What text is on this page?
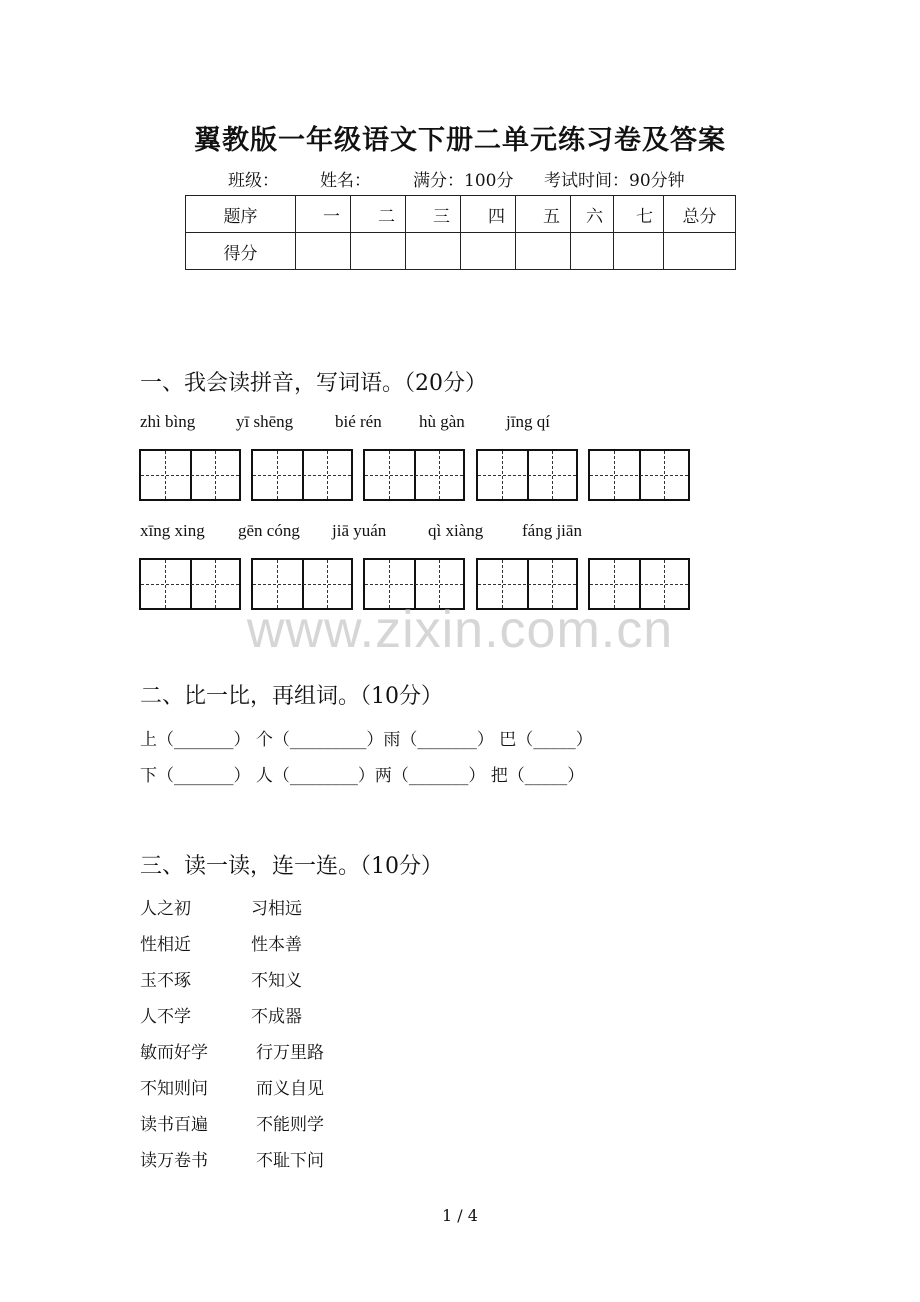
翼教版一年级语文下册二单元练习卷及答案
班级： 姓名： 满分：100分 考试时间：90分钟
题序	一	二	三	四	五	六	七	总分
得分								
一、我会读拼音，写词语。（20分）
zhì bìng yī shēng bié rén hù gàn jīng qí
xīng xing gēn cóng jiā yuán qì xiàng fáng jiān
www.zixin.com.cn
二、比一比，再组词。（10分）
上（_______） 个（_________）雨（_______） 巴（_____）
下（_______） 人（________）两（_______） 把（_____）
三、读一读，连一连。（10分）
人之初	习相远
性相近	性本善
玉不琢	不知义
人不学	不成器
敏而好学	行万里路
不知则问	而义自见
读书百遍	不能则学
读万卷书	不耻下问
1 / 4
